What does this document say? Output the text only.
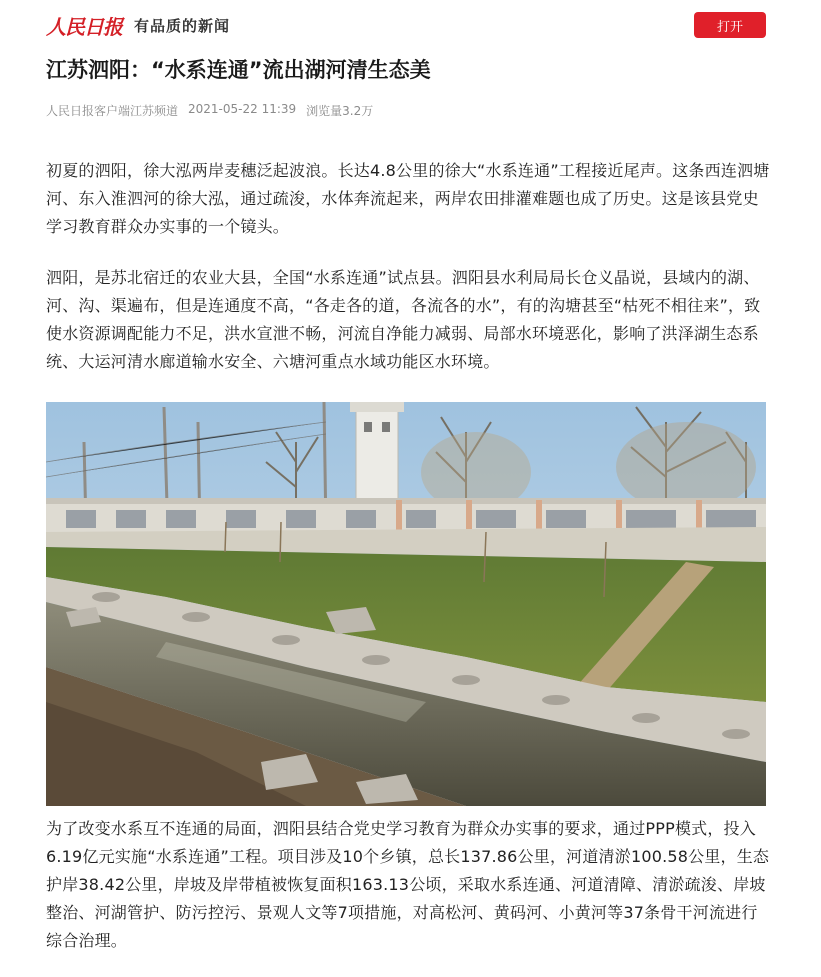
人民日报 有品质的新闻	打开
江苏泗阳：“水系连通”流出湖河清生态美
人民日报客户端江苏频道 2021-05-22 11:39 浏览量3.2万

初夏的泗阳，徐大泓两岸麦穗泛起波浪。长达4.8公里的徐大“水系连通”工程接近尾声。这条西连泗塘河、东入淮泗河的徐大泓，通过疏浚，水体奔流起来，两岸农田排灌难题也成了历史。这是该县党史学习教育群众办实事的一个镜头。

泗阳，是苏北宿迁的农业大县，全国“水系连通”试点县。泗阳县水利局局长仓义晶说，县域内的湖、河、沟、渠遍布，但是连通度不高，“各走各的道，各流各的水”，有的沟塘甚至“枯死不相往来”，致使水资源调配能力不足，洪水宣泄不畅，河流自净能力减弱、局部水环境恶化，影响了洪泽湖生态系统、大运河清水廊道输水安全、六塘河重点水域功能区水环境。

为了改变水系互不连通的局面，泗阳县结合党史学习教育为群众办实事的要求，通过PPP模式，投入6.19亿元实施“水系连通”工程。项目涉及10个乡镇，总长137.86公里，河道清淤100.58公里，生态护岸38.42公里，岸坡及岸带植被恢复面积163.13公顷，采取水系连通、河道清障、清淤疏浚、岸坡整治、河湖管护、防污控污、景观人文等7项措施，对高松河、黄码河、小黄河等37条骨干河流进行综合治理。
